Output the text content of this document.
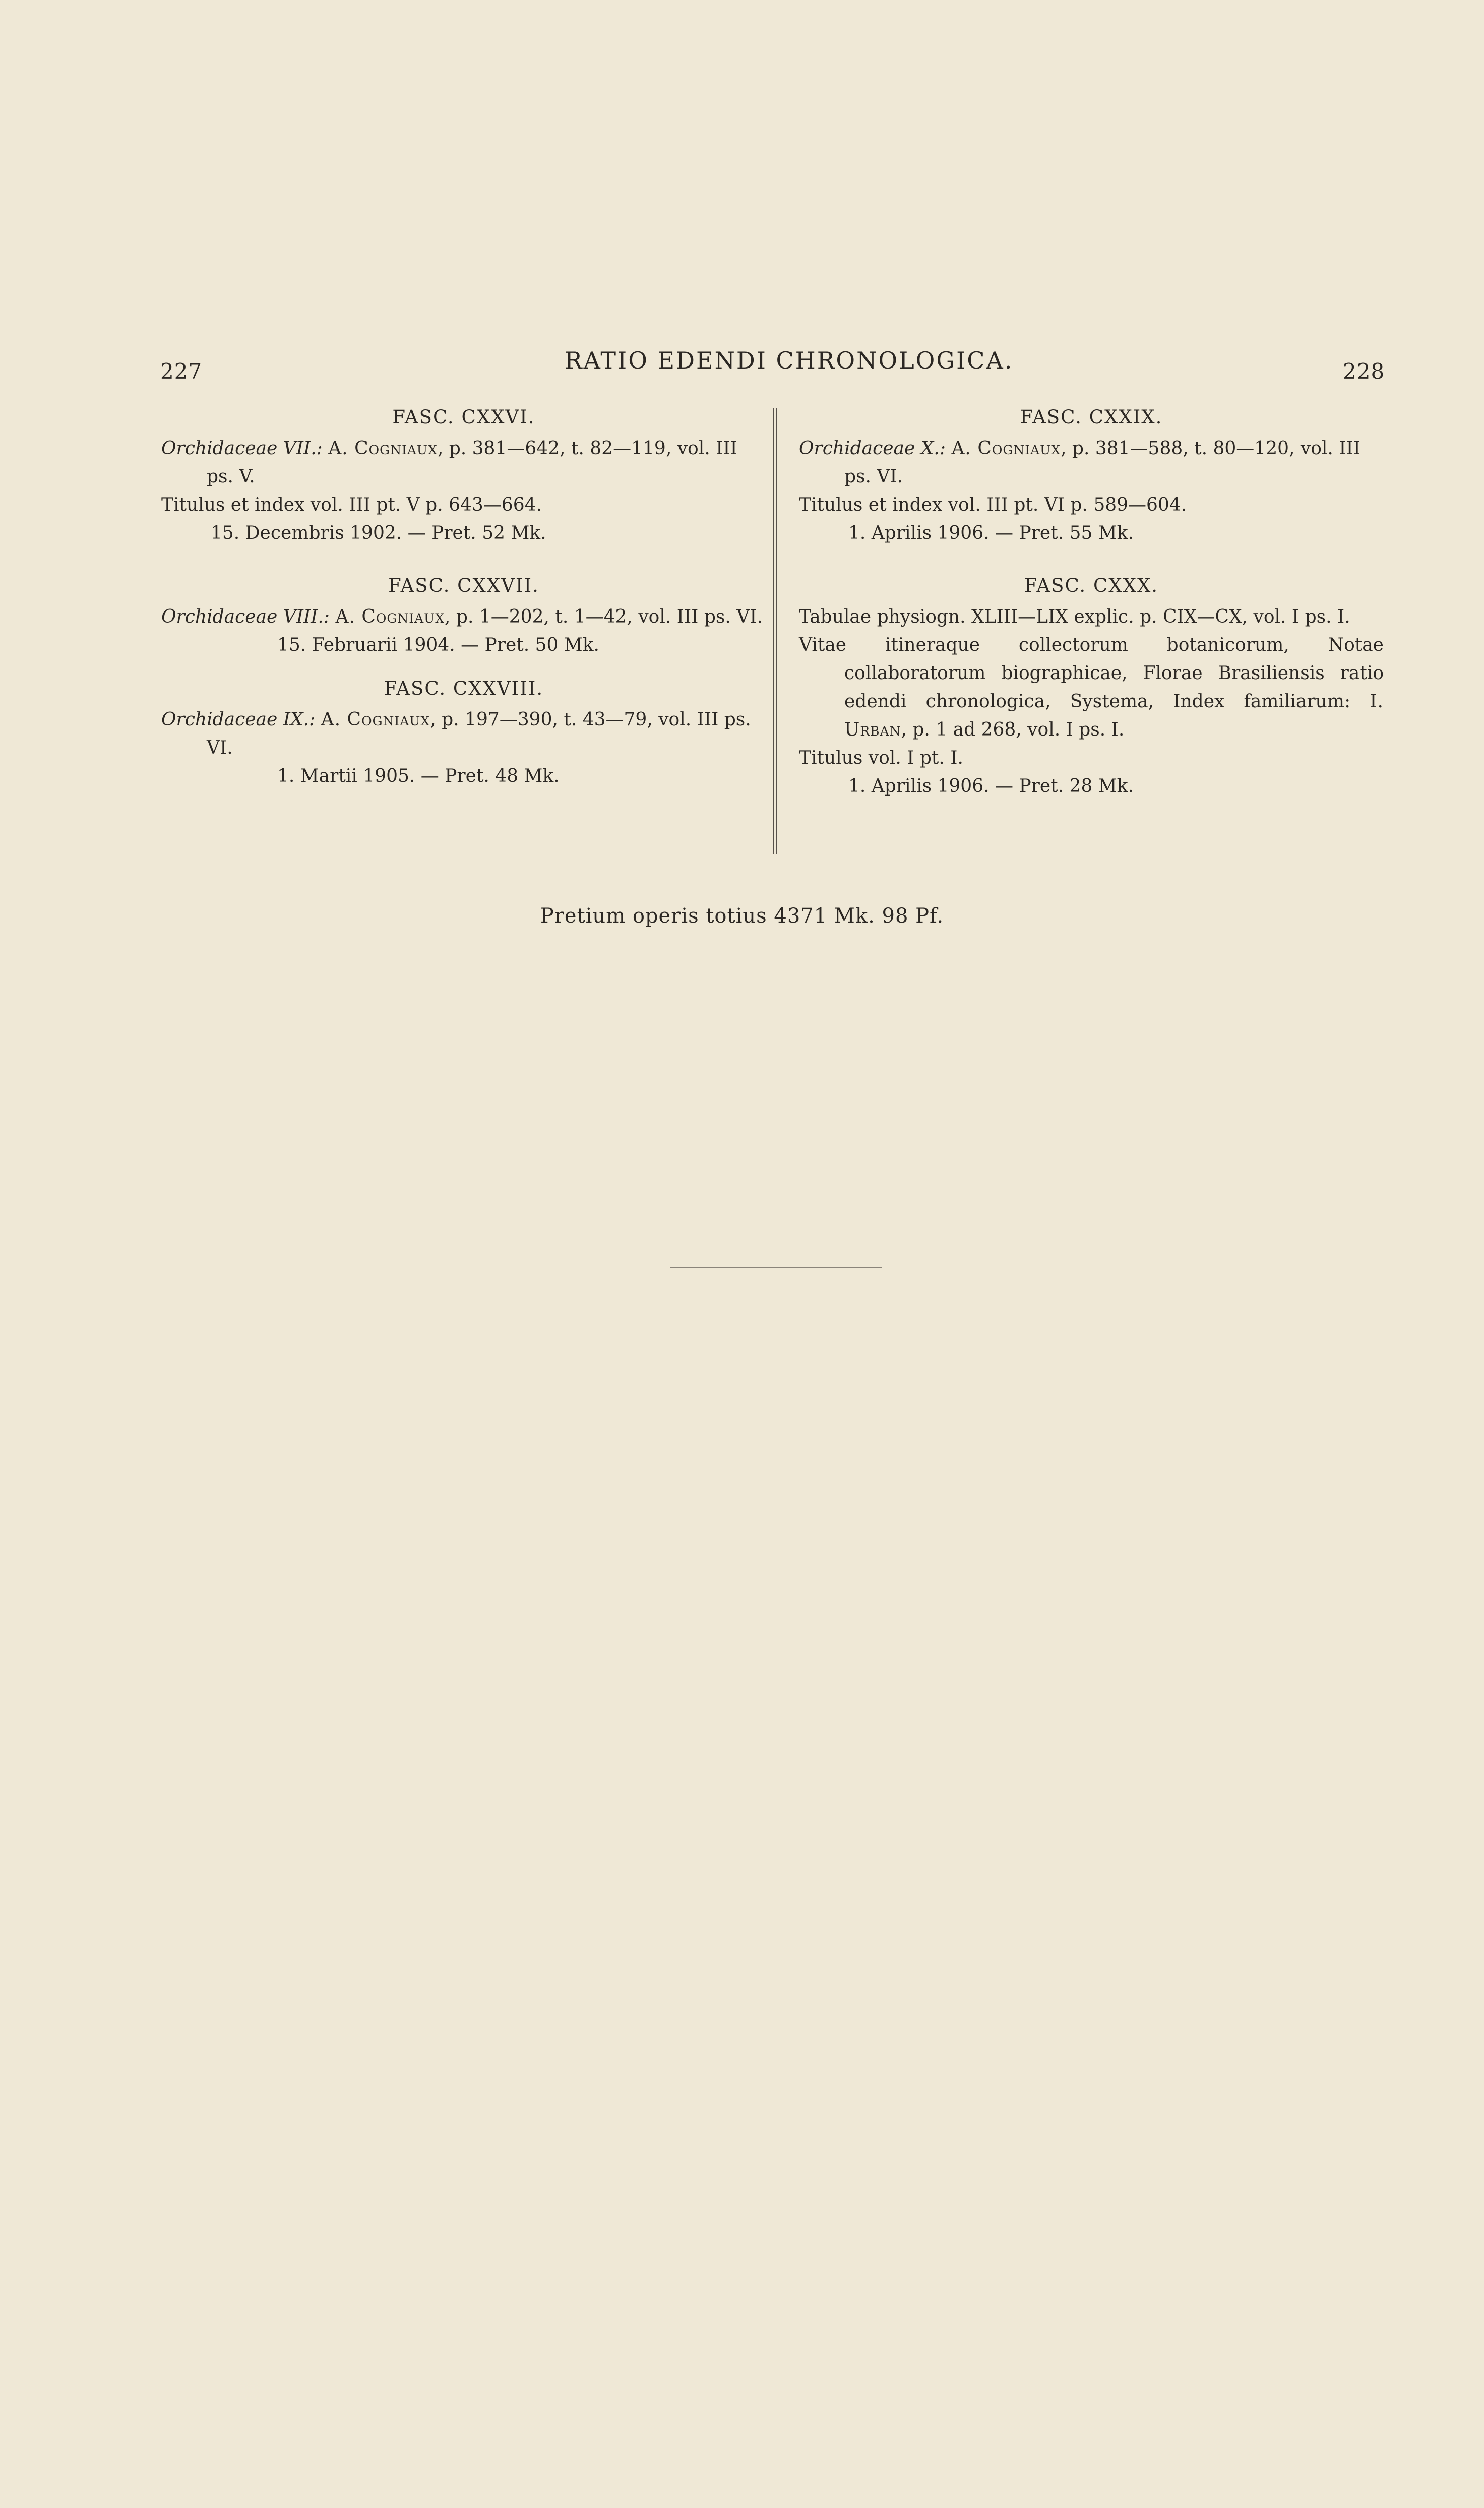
227	RATIO EDENDI CHRONOLOGICA.	228
FASC. CXXVI.

Orchidaceae VII.: A. Cogniaux, p. 381—642, t. 82—119, vol. III ps. V.

Titulus et index vol. III pt. V p. 643—664.

15. Decembris 1902. — Pret. 52 Mk.

FASC. CXXVII.

Orchidaceae VIII.: A. Cogniaux, p. 1—202, t. 1—42, vol. III ps. VI.

15. Februarii 1904. — Pret. 50 Mk.

FASC. CXXVIII.

Orchidaceae IX.: A. Cogniaux, p. 197—390, t. 43—79, vol. III ps. VI.

1. Martii 1905. — Pret. 48 Mk.

FASC. CXXIX.

Orchidaceae X.: A. Cogniaux, p. 381—588, t. 80—120, vol. III ps. VI.

Titulus et index vol. III pt. VI p. 589—604.

1. Aprilis 1906. — Pret. 55 Mk.

FASC. CXXX.

Tabulae physiogn. XLIII—LIX explic. p. CIX—CX, vol. I ps. I.

Vitae itineraque collectorum botanicorum, Notae collaboratorum biographicae, Florae Brasiliensis ratio edendi chronologica, Systema, Index familiarum: I. Urban, p. 1 ad 268, vol. I ps. I.

Titulus vol. I pt. I.

1. Aprilis 1906. — Pret. 28 Mk.

Pretium operis totius 4371 Mk. 98 Pf.
